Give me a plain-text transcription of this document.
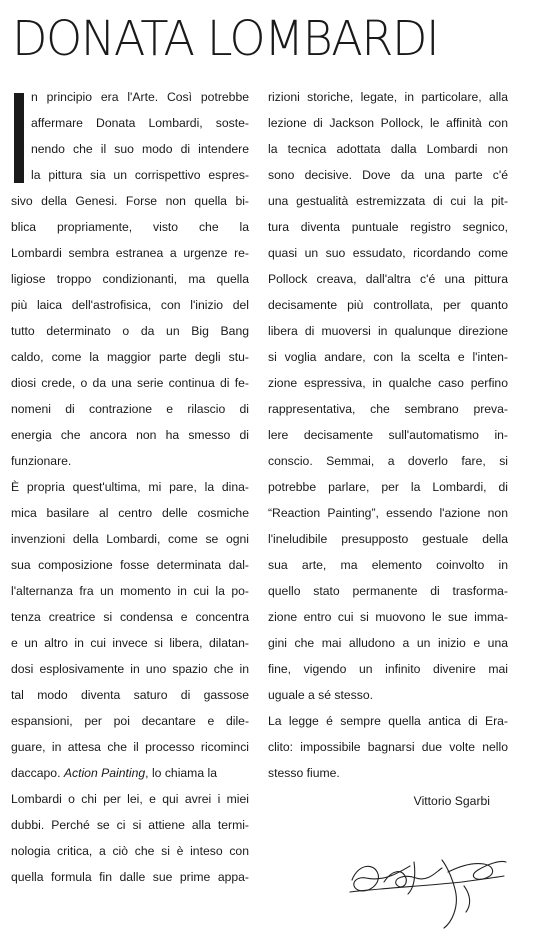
DONATA LOMBARDI
n principio era l'Arte. Così potrebbe
affermare Donata Lombardi, soste-
nendo che il suo modo di intendere
la pittura sia un corrispettivo espres-
sivo della Genesi. Forse non quella bi-
blica propriamente, visto che la
Lombardi sembra estranea a urgenze re-
ligiose troppo condizionanti, ma quella
più laica dell'astrofisica, con l'inizio del
tutto determinato o da un Big Bang
caldo, come la maggior parte degli stu-
diosi crede, o da una serie continua di fe-
nomeni di contrazione e rilascio di
energia che ancora non ha smesso di
funzionare.
È propria quest'ultima, mi pare, la dina-
mica basilare al centro delle cosmiche
invenzioni della Lombardi, come se ogni
sua composizione fosse determinata dal-
l'alternanza fra un momento in cui la po-
tenza creatrice si condensa e concentra
e un altro in cui invece si libera, dilatan-
dosi esplosivamente in uno spazio che in
tal modo diventa saturo di gassose
espansioni, per poi decantare e dile-
guare, in attesa che il processo ricominci
daccapo. Action Painting, lo chiama la
Lombardi o chi per lei, e qui avrei i miei
dubbi. Perché se ci si attiene alla termi-
nologia critica, a ciò che si è inteso con
quella formula fin dalle sue prime appa-
rizioni storiche, legate, in particolare, alla
lezione di Jackson Pollock, le affinità con
la tecnica adottata dalla Lombardi non
sono decisive. Dove da una parte c'é
una gestualità estremizzata di cui la pit-
tura diventa puntuale registro segnico,
quasi un suo essudato, ricordando come
Pollock creava, dall'altra c'é una pittura
decisamente più controllata, per quanto
libera di muoversi in qualunque direzione
si voglia andare, con la scelta e l'inten-
zione espressiva, in qualche caso perfino
rappresentativa, che sembrano preva-
lere decisamente sull'automatismo in-
conscio. Semmai, a doverlo fare, si
potrebbe parlare, per la Lombardi, di
“Reaction Painting”, essendo l'azione non
l'ineludibile presupposto gestuale della
sua arte, ma elemento coinvolto in
quello stato permanente di trasforma-
zione entro cui si muovono le sue imma-
gini che mai alludono a un inizio e una
fine, vigendo un infinito divenire mai
uguale a sé stesso.
La legge é sempre quella antica di Era-
clito: impossibile bagnarsi due volte nello
stesso fiume.
Vittorio Sgarbi
